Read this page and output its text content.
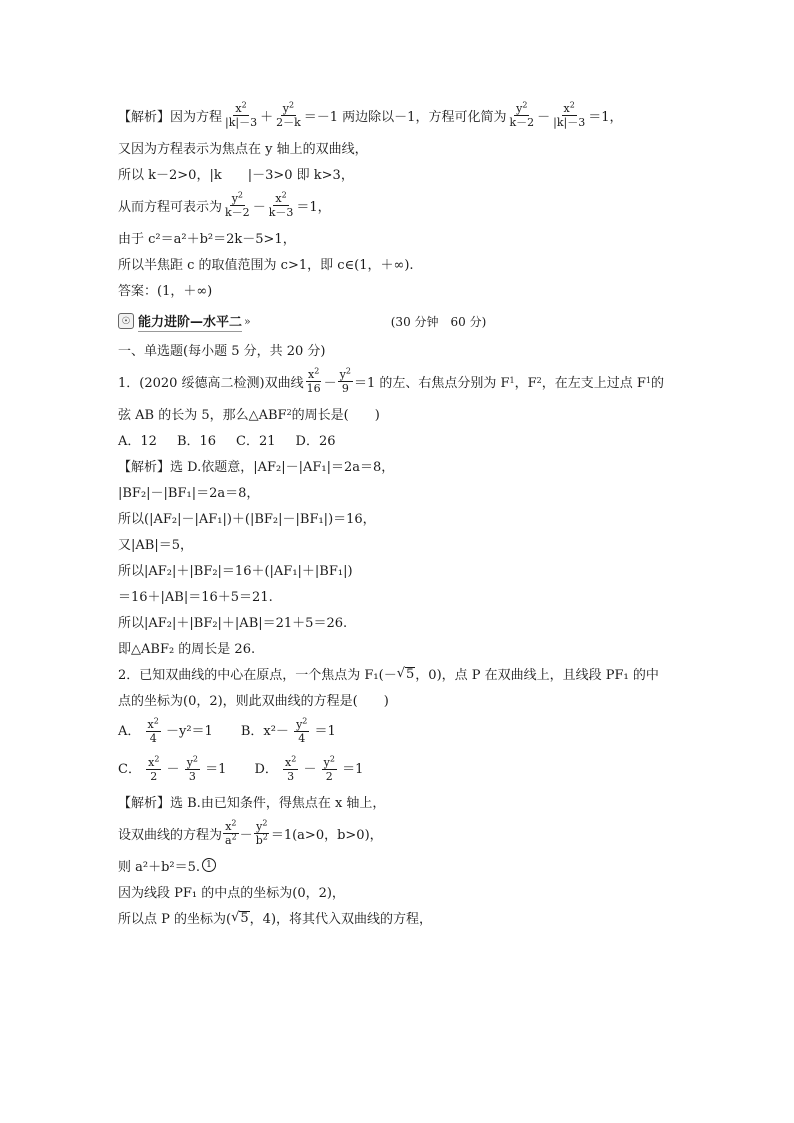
【解析】因为方程 $\frac{x^2}{|k|-3} + \frac{y^2}{2-k} =-1$ 两边除以－1，方程可化简为 $\frac{y^2}{k-2} - \frac{x^2}{|k|-3} =1$，
又因为方程表示为焦点在 y 轴上的双曲线，
所以 k－2>0，|k　　|－3>0 即 k>3，
从而方程可表示为 $\frac{y^2}{k-2} - \frac{x^2}{k-3} =1$，
由于 c²＝a²＋b²＝2k－5>1，
所以半焦距 c 的取值范围为 c>1，即 c∈(1，＋∞).
答案：(1，＋∞)
☉ 能力进阶—水平二 »	(30 分钟　60 分)
一、单选题(每小题 5 分，共 20 分)
1．(2020 绥德高二检测)双曲线 $\frac{x^2}{16} - \frac{y^2}{9} =1$ 的左、右焦点分别为 F 1 ，F 2 ，在左支上过点 F 1 的
弦 AB 的长为 5，那么△ABF 2 的周长是(　　)
A．12 B．16 C．21 D．26
【解析】选 D.依题意，|AF₂|－|AF₁|＝2a＝8，
|BF₂|－|BF₁|＝2a＝8，
所以(|AF₂|－|AF₁|)＋(|BF₂|－|BF₁|)＝16，
又|AB|＝5，
所以|AF₂|＋|BF₂|＝16＋(|AF₁|＋|BF₁|)
＝16＋|AB|＝16＋5＝21.
所以|AF₂|＋|BF₂|＋|AB|＝21＋5＝26.
即△ABF₂ 的周长是 26.
2．已知双曲线的中心在原点，一个焦点为 F₁(－ √ 5 ，0)，点 P 在双曲线上，且线段 PF₁ 的中
点的坐标为(0，2)，则此双曲线的方程是(　　)
A． $\frac{x^2}{4} -y^2=1$ B．$x^2- \frac{y^2}{4} =1$
C． $\frac{x^2}{2} - \frac{y^2}{3} =1$ D． $\frac{x^2}{3} - \frac{y^2}{2} =1$
【解析】选 B.由已知条件，得焦点在 x 轴上，
设双曲线的方程为 $\frac{x^2}{a^2} - \frac{y^2}{b^2} =1(a>0$，b>0)，
则 a²＋b²＝5. 1
因为线段 PF₁ 的中点的坐标为(0，2)，
所以点 P 的坐标为( √ 5 ，4)，将其代入双曲线的方程，
